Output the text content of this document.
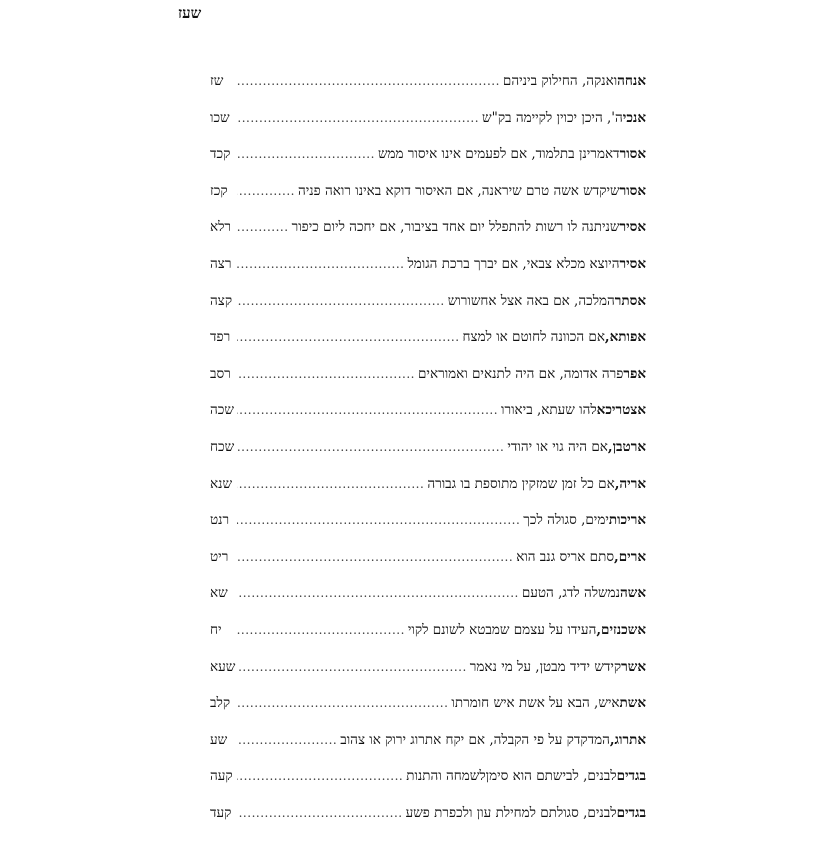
שעז
אנחה
ואנקה, החילוק ביניהם
.....
שז
אנכי
ה', היכן יכוין לקיימה בק"ש
.....
שכו
אסור
דאמרינן בתלמוד, אם לפעמים אינו איסור ממש
.....
קכד
אסור
שיקדש אשה טרם שיראנה, אם האיסור דוקא באינו רואה פניה
.....
קכז
אסיר
שניתנה לו רשות להתפלל יום אחד בציבור, אם יחכה ליום כיפור
.....
רלא
אסיר
היוצא מכלא צבאי, אם יברך ברכת הגומל
.....
רצה
אסתר
המלכה, אם באה אצל אחשורוש
.....
קצה
אפותא,
אם הכוונה לחוטם או למצח
.....
רפד
אפר
פרה אדומה, אם היה לתנאים ואמוראים
.....
רסב
אצטריכא
להו שעתא, ביאורו
.....
שכה
ארטבן,
אם היה גוי או יהודי
.....
שכח
אריה,
אם כל זמן שמזקין מתוספת בו גבורה
.....
שנא
אריכות
ימים, סגולה לכך
.....
רנט
ארים,
סתם אריס גנב הוא
.....
ריט
אשה
נמשלה לדג, הטעם
.....
שא
אשכנזים,
העידו על עצמם שמבטא לשונם לקוי
.....
יח
אשר
קידש ידיד מבטן, על מי נאמר
.....
שעא
אשת
איש, הבא על אשת איש חומרתו
.....
קלב
אתרוג,
המדקדק על פי הקבלה, אם יקח אתרוג ירוק או צהוב
.....
שע
בגדים
לבנים, לבישתם הוא סימןלשמחה והתנות
.....
קעה
בגדים
לבנים, סגולתם למחילת עון ולכפרת פשע
.....
קעד
